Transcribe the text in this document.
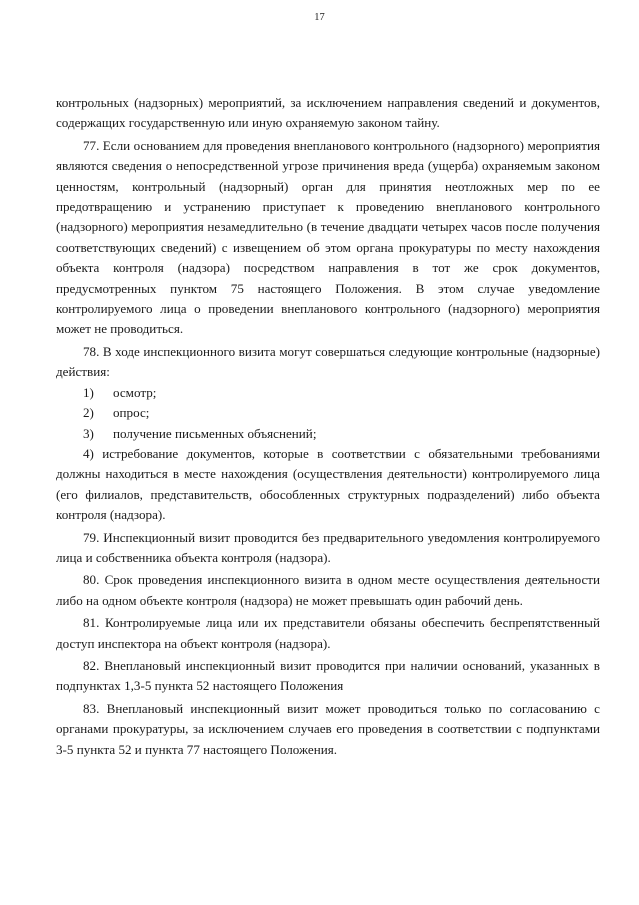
17

контрольных (надзорных) мероприятий, за исключением направления сведений и документов, содержащих государственную или иную охраняемую законом тайну.

77. Если основанием для проведения внепланового контрольного (надзорного) мероприятия являются сведения о непосредственной угрозе причинения вреда (ущерба) охраняемым законом ценностям, контрольный (надзорный) орган для принятия неотложных мер по ее предотвращению и устранению приступает к проведению внепланового контрольного (надзорного) мероприятия незамедлительно (в течение двадцати четырех часов после получения соответствующих сведений) с извещением об этом органа прокуратуры по месту нахождения объекта контроля (надзора) посредством направления в тот же срок документов, предусмотренных пунктом 75 настоящего Положения. В этом случае уведомление контролируемого лица о проведении внепланового контрольного (надзорного) мероприятия может не проводиться.

78. В ходе инспекционного визита могут совершаться следующие контрольные (надзорные) действия:

1)	осмотр;
2)	опрос;
3)	получение письменных объяснений;

4) истребование документов, которые в соответствии с обязательными требованиями должны находиться в месте нахождения (осуществления деятельности) контролируемого лица (его филиалов, представительств, обособленных структурных подразделений) либо объекта контроля (надзора).

79. Инспекционный визит проводится без предварительного уведомления контролируемого лица и собственника объекта контроля (надзора).

80. Срок проведения инспекционного визита в одном месте осуществления деятельности либо на одном объекте контроля (надзора) не может превышать один рабочий день.

81. Контролируемые лица или их представители обязаны обеспечить беспрепятственный доступ инспектора на объект контроля (надзора).

82. Внеплановый инспекционный визит проводится при наличии оснований, указанных в подпунктах 1,3-5 пункта 52 настоящего Положения

83. Внеплановый инспекционный визит может проводиться только по согласованию с органами прокуратуры, за исключением случаев его проведения в соответствии с подпунктами 3-5 пункта 52 и пункта 77 настоящего Положения.
